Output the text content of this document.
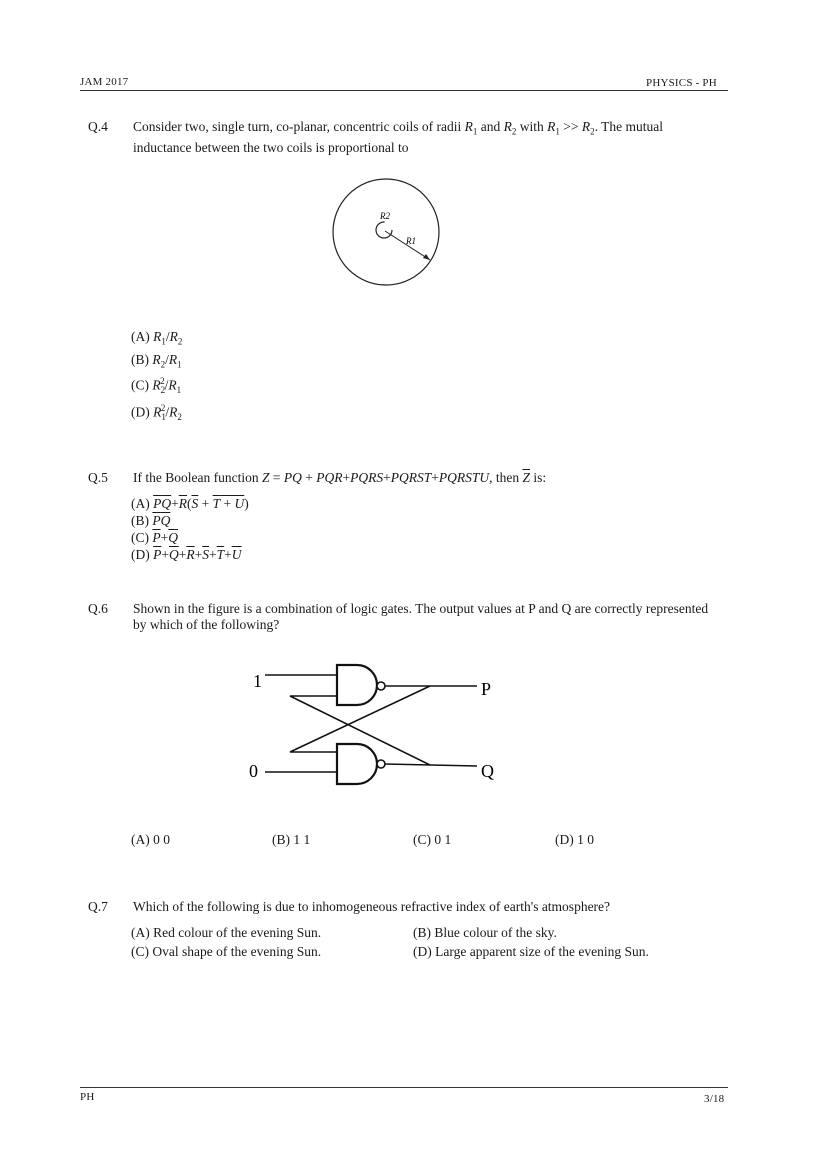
JAM 2017	PHYSICS - PH
Q.4 Consider two, single turn, co-planar, concentric coils of radii $R_1$ and $R_2$ with $R_1 >> R_2$. The mutual inductance between the two coils is proportional to
R2
R1
(A) $R_1/R_2$
(B) $R_2/R_1$
(C) $R_2^2/R_1$
(D) $R_1^2/R_2$
Q.5 If the Boolean function Z = PQ + PQR+PQRS+PQRST+PQRSTU, then $\overline{Z}$ is:
(A) $\overline{P}\overline{Q}+\overline{R}(\overline{S} + T + U)$
(B) $\overline{P}\overline{Q}$
(C) $\overline{P}+\overline{Q}$
(D) $\overline{P}+\overline{Q}+\overline{R}+\overline{S}+\overline{T}+\overline{U}$
Q.6 Shown in the figure is a combination of logic gates. The output values at P and Q are correctly represented by which of the following?
1
0
P
Q
(A) 0 0	(B) 1 1	(C) 0 1	(D) 1 0
Q.7 Which of the following is due to inhomogeneous refractive index of earth's atmosphere?
(A) Red colour of the evening Sun.	(B) Blue colour of the sky.
(C) Oval shape of the evening Sun.	(D) Large apparent size of the evening Sun.
PH	3/18
